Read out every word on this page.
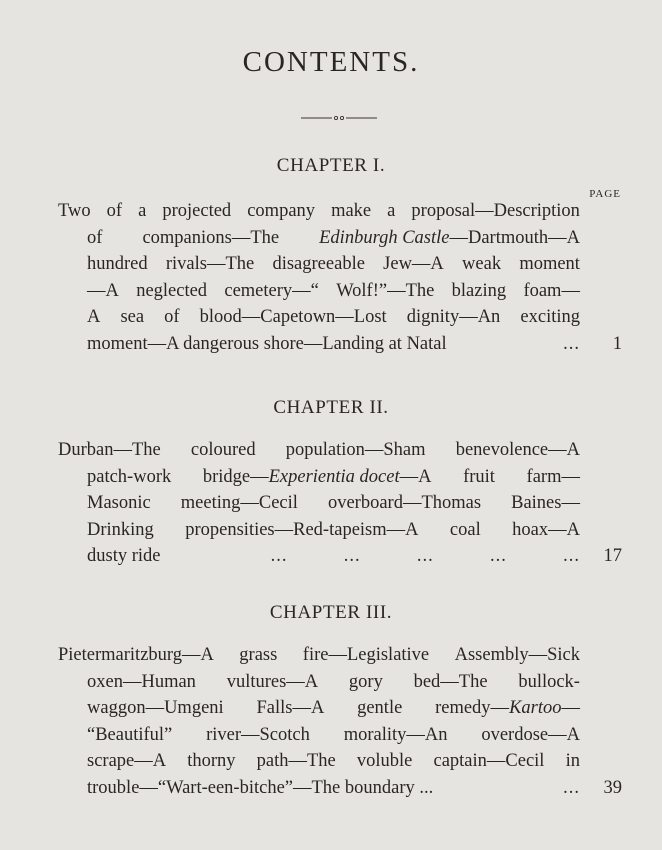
CONTENTS.
CHAPTER I.
PAGE
Two of a projected company make a proposal—Description
of companions—The Edinburgh Castle—Dartmouth—A
hundred rivals—The disagreeable Jew—A weak moment
—A neglected cemetery—“ Wolf!”—The blazing foam—
A sea of blood—Capetown—Lost dignity—An exciting
moment—A dangerous shore—Landing at Natal	... 1
CHAPTER II.
Durban—The coloured population—Sham benevolence—A
patch-work bridge—Experientia docet—A fruit farm—
Masonic meeting—Cecil overboard—Thomas Baines—
Drinking propensities—Red-tapeism—A coal hoax—A
dusty ride	...          ...          ...          ...          ... 17
CHAPTER III.
Pietermaritzburg—A grass fire—Legislative Assembly—Sick
oxen—Human vultures—A gory bed—The bullock-
waggon—Umgeni Falls—A gentle remedy—Kartoo—
“Beautiful” river—Scotch morality—An overdose—A
scrape—A thorny path—The voluble captain—Cecil in
trouble—“Wart-een-bitche”—The boundary ...	... 39
